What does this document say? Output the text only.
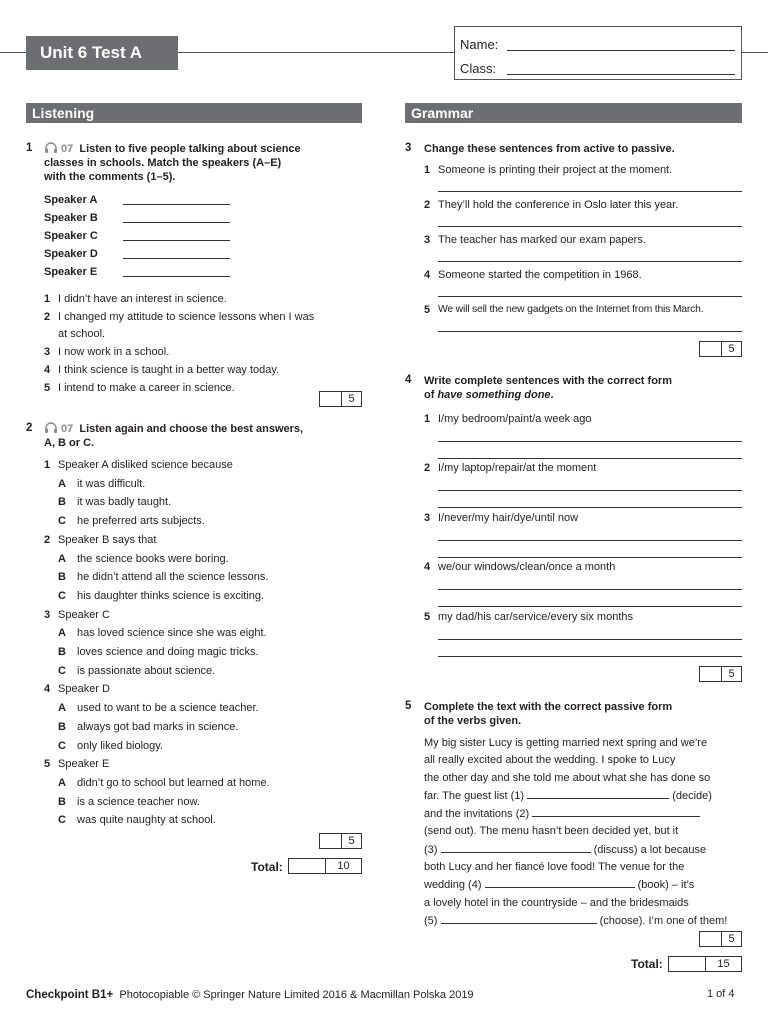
Unit 6 Test A	Name:
Class:
Listening	Grammar
1	07 Listen to five people talking about science
classes in schools. Match the speakers (A–E)
with the comments (1–5).
Speaker A
Speaker B
Speaker C
Speaker D
Speaker E
1 I didn’t have an interest in science.
2 I changed my attitude to science lessons when I was
at school.
3 I now work in a school.
4 I think science is taught in a better way today.
5 I intend to make a career in science.
5
2	07 Listen again and choose the best answers,
A, B or C.
1 Speaker A disliked science because
A it was difficult.
B it was badly taught.
C he preferred arts subjects.
2 Speaker B says that
A the science books were boring.
B he didn’t attend all the science lessons.
C his daughter thinks science is exciting.
3 Speaker C
A has loved science since she was eight.
B loves science and doing magic tricks.
C is passionate about science.
4 Speaker D
A used to want to be a science teacher.
B always got bad marks in science.
C only liked biology.
5 Speaker E
A didn’t go to school but learned at home.
B is a science teacher now.
C was quite naughty at school.
5
Total:	10
3 Change these sentences from active to passive.
1 Someone is printing their project at the moment.
2 They’ll hold the conference in Oslo later this year.
3 The teacher has marked our exam papers.
4 Someone started the competition in 1968.
5 We will sell the new gadgets on the Internet from this March.
5
4 Write complete sentences with the correct form
of have something done.
1 I/my bedroom/paint/a week ago
2 I/my laptop/repair/at the moment
3 I/never/my hair/dye/until now
4 we/our windows/clean/once a month
5 my dad/his car/service/every six months
5
5 Complete the text with the correct passive form
of the verbs given.
My big sister Lucy is getting married next spring and we’re
all really excited about the wedding. I spoke to Lucy
the other day and she told me about what she has done so
far. The guest list (1)	(decide)
and the invitations (2)
(send out). The menu hasn’t been decided yet, but it
(3)	(discuss) a lot because
both Lucy and her fiancé love food! The venue for the
wedding (4)	(book) – it’s
a lovely hotel in the countryside – and the bridesmaids
(5)	(choose). I’m one of them!
5
Total:	15
Checkpoint B1+ Photocopiable © Springer Nature Limited 2016 & Macmillan Polska 2019	1 of 4
